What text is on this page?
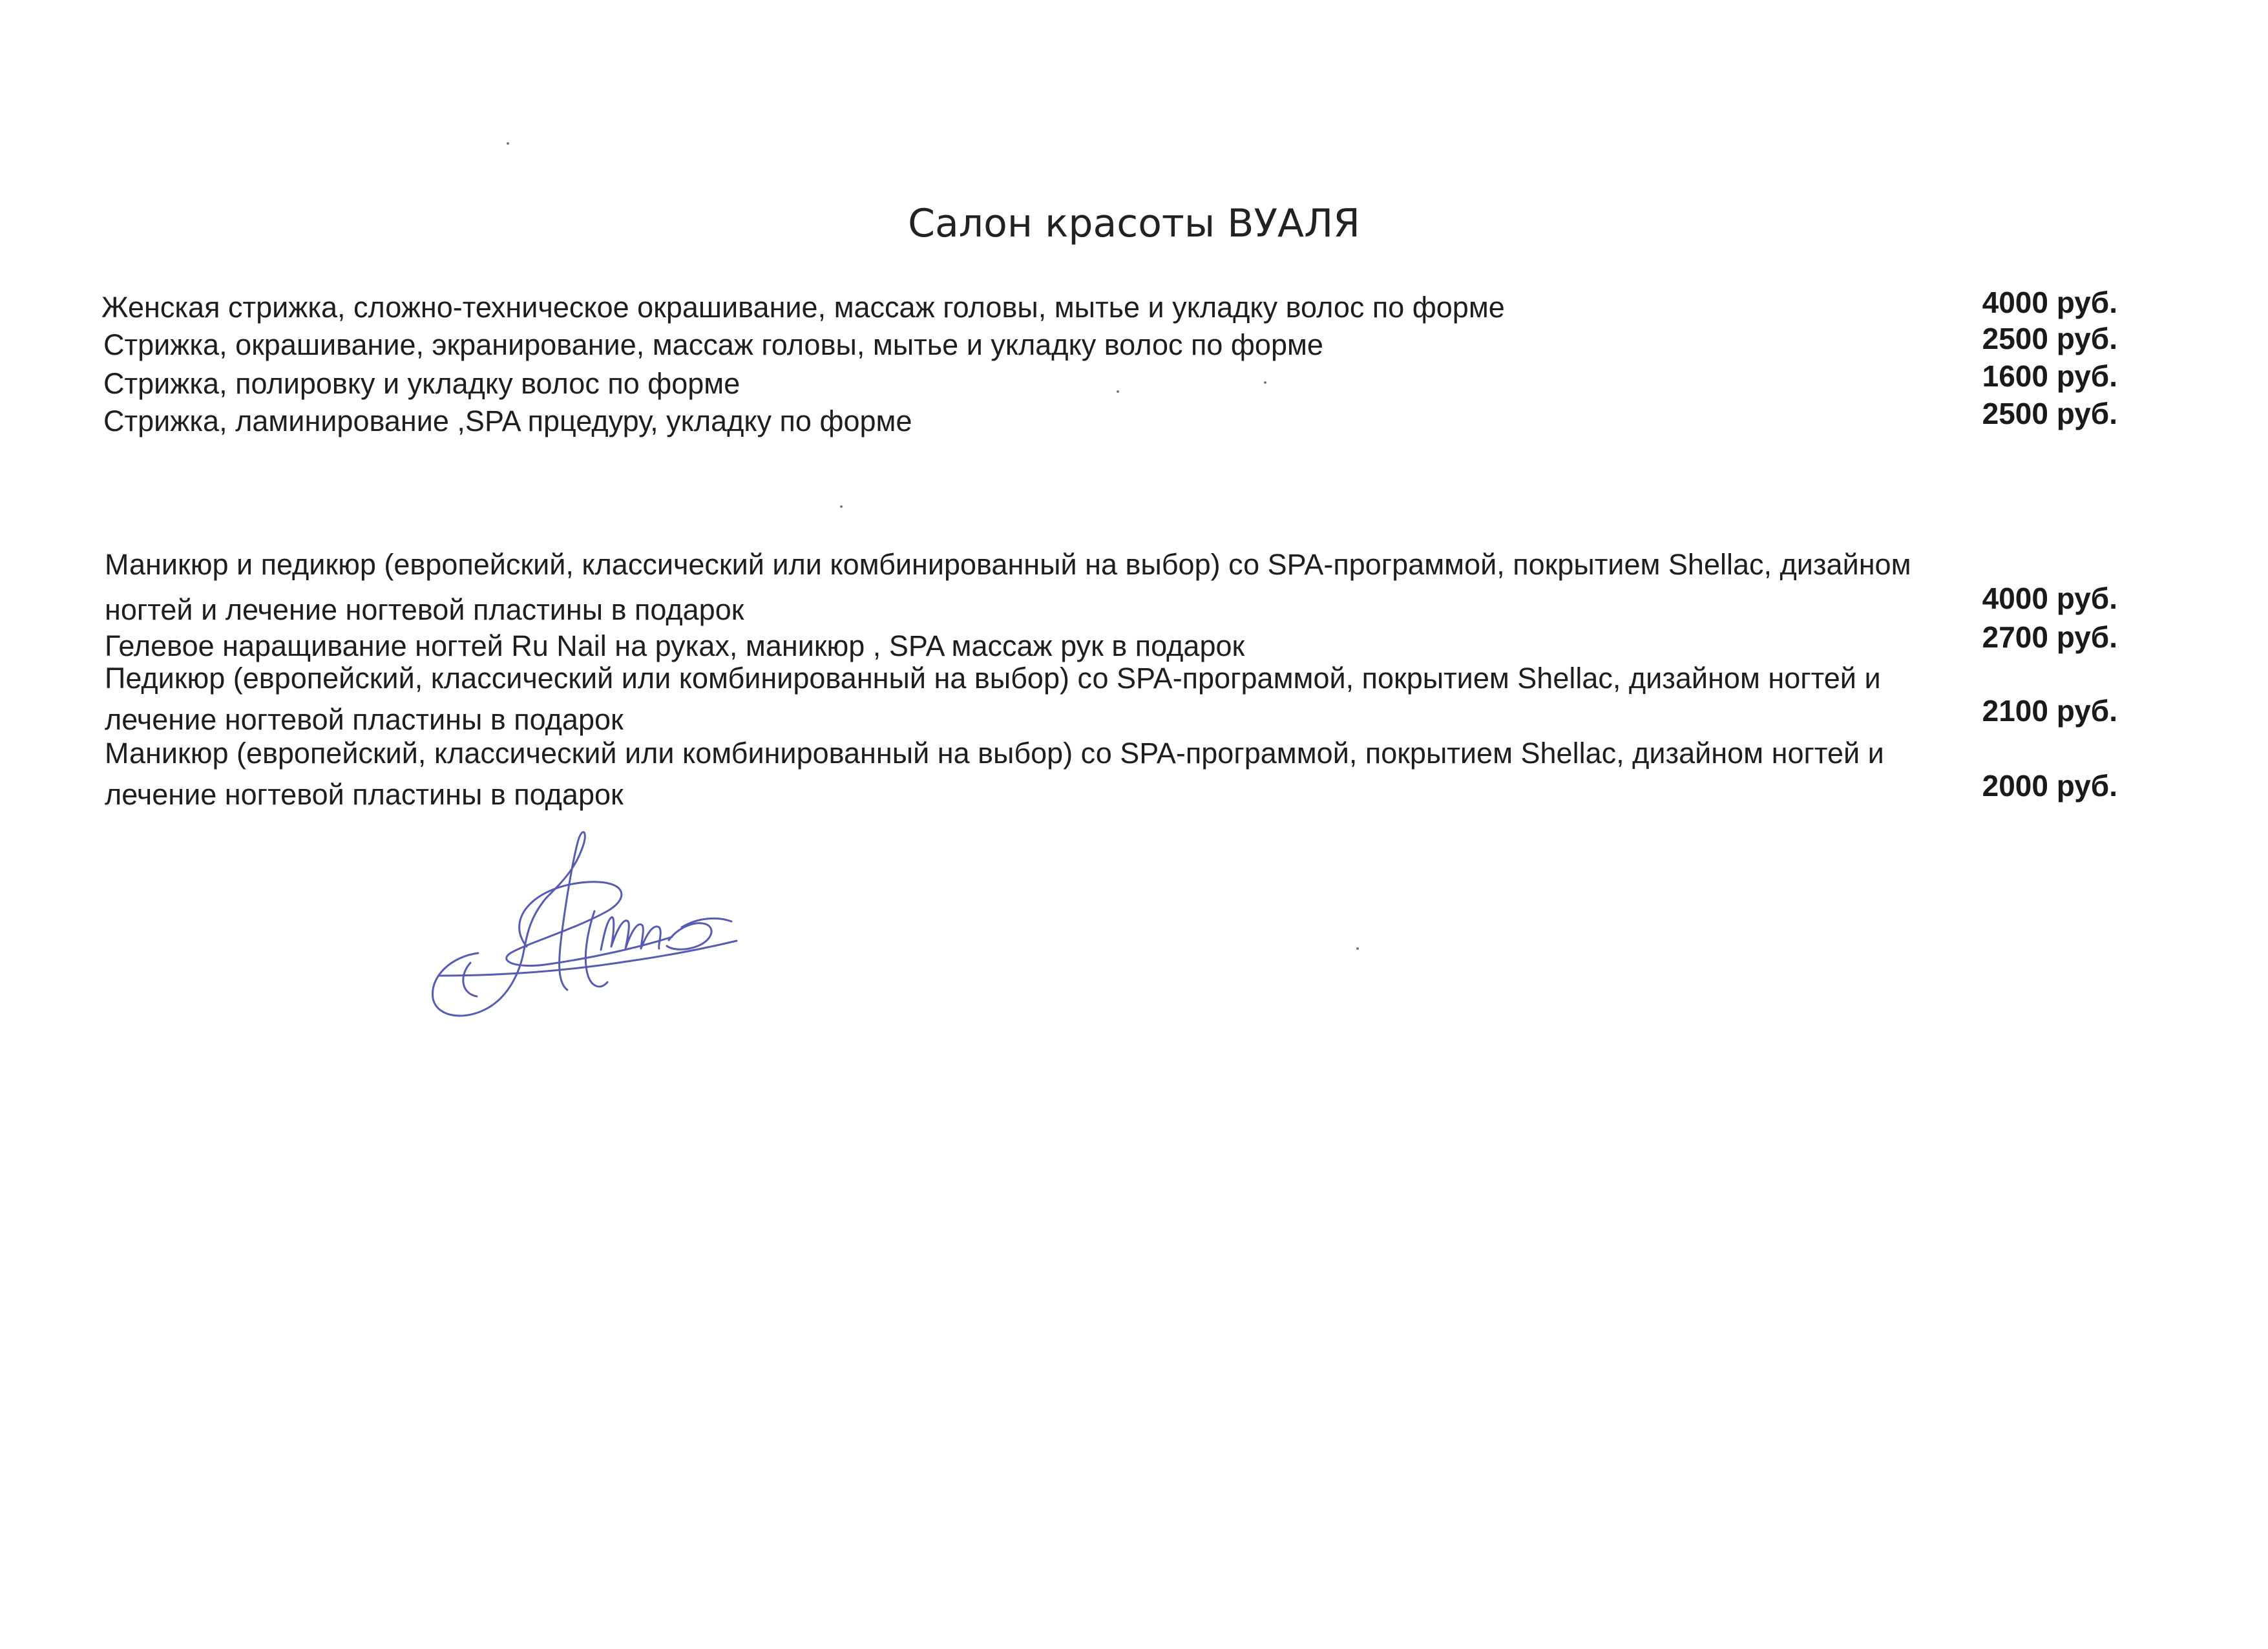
Салон красоты ВУАЛЯ
Женская стрижка, сложно-техническое окрашивание, массаж головы, мытье и укладку волос по форме	4000 руб.
Стрижка, окрашивание, экранирование, массаж головы, мытье и укладку волос по форме	2500 руб.
Стрижка, полировку и укладку волос по форме	1600 руб.
Стрижка, ламинирование ,SPA прцедуру, укладку по форме	2500 руб.
Маникюр и педикюр (европейский, классический или комбинированный на выбор) со SPA-программой, покрытием Shellac, дизайном
ногтей и лечение ногтевой пластины в подарок	4000 руб.
Гелевое наращивание ногтей Ru Nail на руках, маникюр , SPA массаж рук в подарок	2700 руб.
Педикюр (европейский, классический или комбинированный на выбор) со SPA-программой, покрытием Shellac, дизайном ногтей и
лечение ногтевой пластины в подарок	2100 руб.
Маникюр (европейский, классический или комбинированный на выбор) со SPA-программой, покрытием Shellac, дизайном ногтей и
лечение ногтевой пластины в подарок	2000 руб.
